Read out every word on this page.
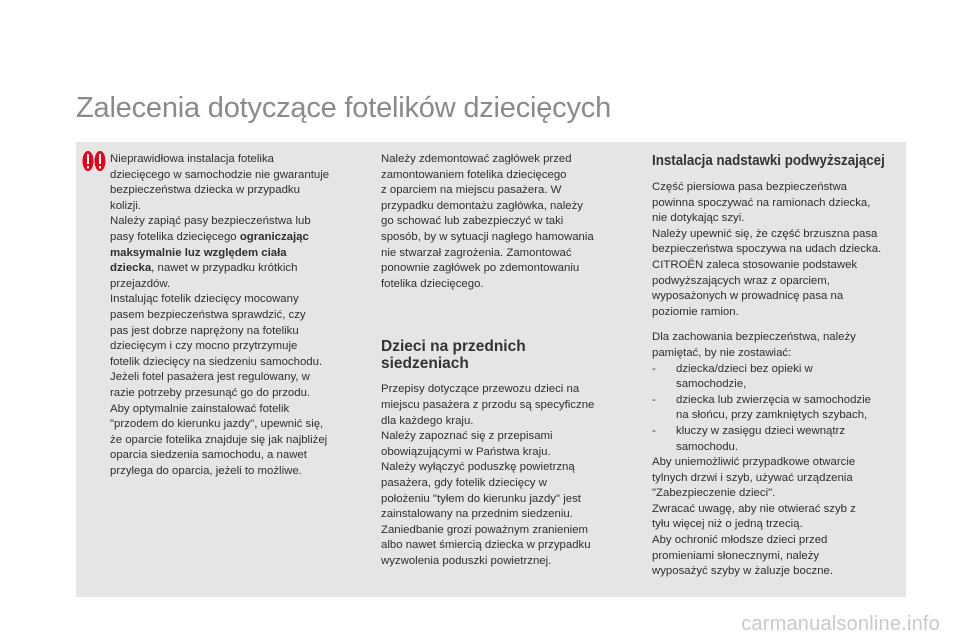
Zalecenia dotyczące fotelików dziecięcych

Nieprawidłowa instalacja fotelika

dziecięcego w samochodzie nie gwarantuje

bezpieczeństwa dziecka w przypadku

kolizji.

Należy zapiąć pasy bezpieczeństwa lub

pasy fotelika dziecięcego ograniczając

maksymalnie luz względem ciała

dziecka, nawet w przypadku krótkich

przejazdów.

Instalując fotelik dziecięcy mocowany

pasem bezpieczeństwa sprawdzić, czy

pas jest dobrze naprężony na foteliku

dziecięcym i czy mocno przytrzymuje

fotelik dziecięcy na siedzeniu samochodu.

Jeżeli fotel pasażera jest regulowany, w

razie potrzeby przesunąć go do przodu.

Aby optymalnie zainstalować fotelik

"przodem do kierunku jazdy", upewnić się,

że oparcie fotelika znajduje się jak najbliżej

oparcia siedzenia samochodu, a nawet

przylega do oparcia, jeżeli to możliwe.

Należy zdemontować zagłówek przed

zamontowaniem fotelika dziecięcego

z oparciem na miejscu pasażera. W

przypadku demontażu zagłówka, należy

go schować lub zabezpieczyć w taki

sposób, by w sytuacji nagłego hamowania

nie stwarzał zagrożenia. Zamontować

ponownie zagłówek po zdemontowaniu

fotelika dziecięcego.

Dzieci na przednich
siedzeniach

Przepisy dotyczące przewozu dzieci na

miejscu pasażera z przodu są specyficzne

dla każdego kraju.

Należy zapoznać się z przepisami

obowiązującymi w Państwa kraju.

Należy wyłączyć poduszkę powietrzną

pasażera, gdy fotelik dziecięcy w

położeniu "tyłem do kierunku jazdy" jest

zainstalowany na przednim siedzeniu.

Zaniedbanie grozi poważnym zranieniem

albo nawet śmiercią dziecka w przypadku

wyzwolenia poduszki powietrznej.

Instalacja nadstawki podwyższającej

Część piersiowa pasa bezpieczeństwa

powinna spoczywać na ramionach dziecka,

nie dotykając szyi.

Należy upewnić się, że część brzuszna pasa

bezpieczeństwa spoczywa na udach dziecka.

CITROËN zaleca stosowanie podstawek

podwyższających wraz z oparciem,

wyposażonych w prowadnicę pasa na

poziomie ramion.

Dla zachowania bezpieczeństwa, należy

pamiętać, by nie zostawiać:

- dziecka/dzieci bez opieki w

samochodzie,

- dziecka lub zwierzęcia w samochodzie

na słońcu, przy zamkniętych szybach,

- kluczy w zasięgu dzieci wewnątrz

samochodu.

Aby uniemożliwić przypadkowe otwarcie

tylnych drzwi i szyb, używać urządzenia

"Zabezpieczenie dzieci".

Zwracać uwagę, aby nie otwierać szyb z

tyłu więcej niż o jedną trzecią.

Aby ochronić młodsze dzieci przed

promieniami słonecznymi, należy

wyposażyć szyby w żaluzje boczne.

carmanualsonline.info
